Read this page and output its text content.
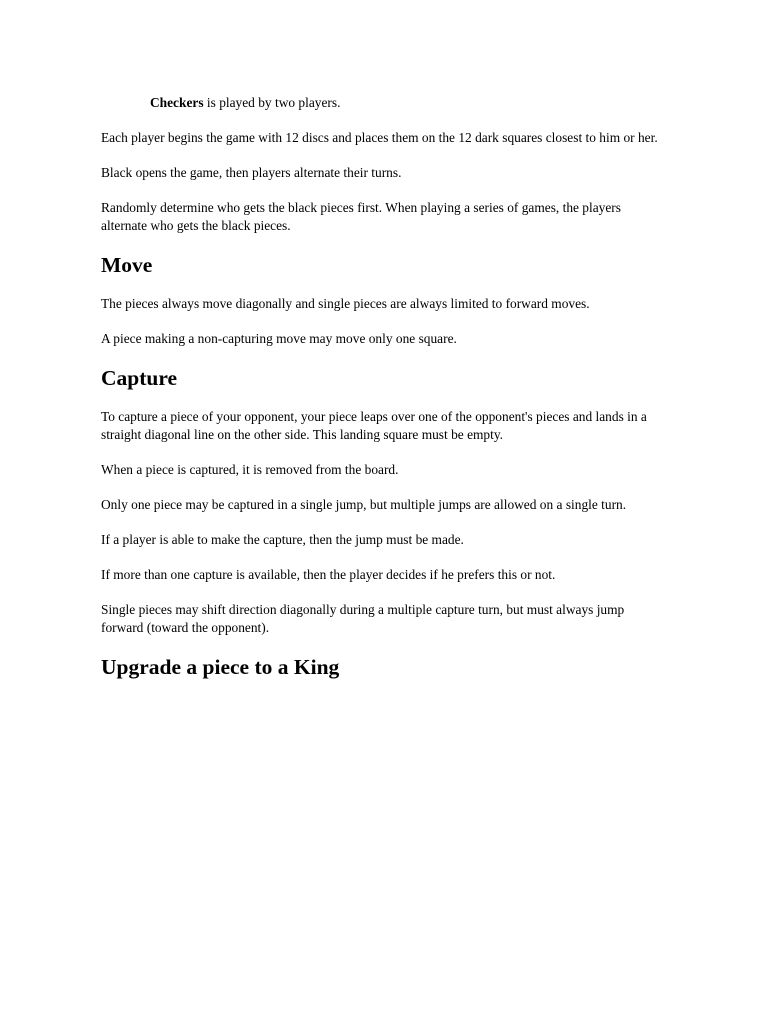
Checkers is played by two players.

Each player begins the game with 12 discs and places them on the 12 dark squares closest to him or her.

Black opens the game, then players alternate their turns.

Randomly determine who gets the black pieces first. When playing a series of games, the players alternate who gets the black pieces.

Move

The pieces always move diagonally and single pieces are always limited to forward moves.

A piece making a non-capturing move may move only one square.

Capture

To capture a piece of your opponent, your piece leaps over one of the opponent's pieces and lands in a straight diagonal line on the other side. This landing square must be empty.

When a piece is captured, it is removed from the board.

Only one piece may be captured in a single jump, but multiple jumps are allowed on a single turn.

If a player is able to make the capture, then the jump must be made.

If more than one capture is available, then the player decides if he prefers this or not.

Single pieces may shift direction diagonally during a multiple capture turn, but must always jump forward (toward the opponent).

Upgrade a piece to a King
